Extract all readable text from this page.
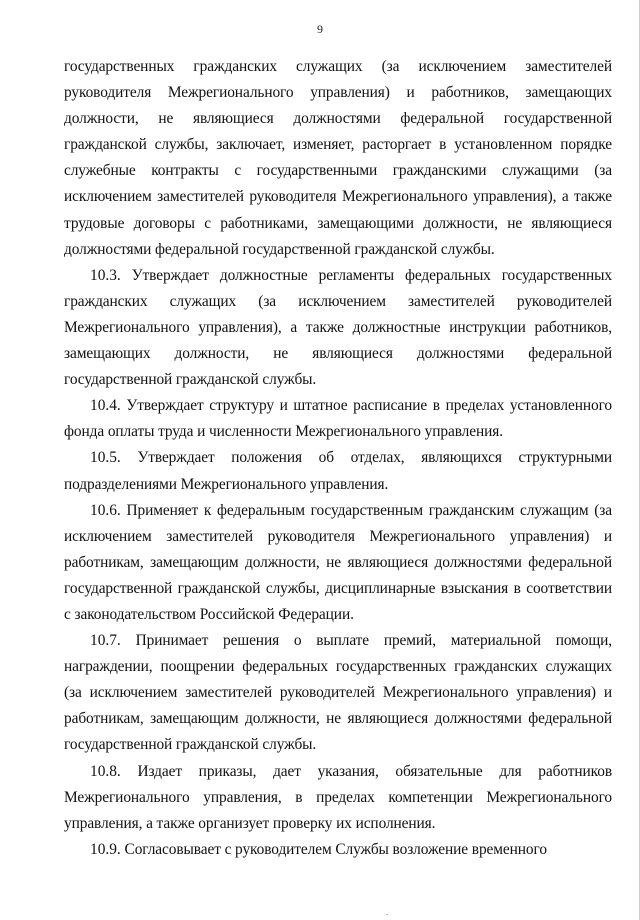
9

государственных гражданских служащих (за исключением заместителей руководителя Межрегионального управления) и работников, замещающих должности, не являющиеся должностями федеральной государственной гражданской службы, заключает, изменяет, расторгает в установленном порядке служебные контракты с государственными гражданскими служащими (за исключением заместителей руководителя Межрегионального управления), а также трудовые договоры с работниками, замещающими должности, не являющиеся должностями федеральной государственной гражданской службы.

10.3. Утверждает должностные регламенты федеральных государственных гражданских служащих (за исключением заместителей руководителей Межрегионального управления), а также должностные инструкции работников, замещающих должности, не являющиеся должностями федеральной государственной гражданской службы.

10.4. Утверждает структуру и штатное расписание в пределах установленного фонда оплаты труда и численности Межрегионального управления.

10.5. Утверждает положения об отделах, являющихся структурными подразделениями Межрегионального управления.

10.6. Применяет к федеральным государственным гражданским служащим (за исключением заместителей руководителя Межрегионального управления) и работникам, замещающим должности, не являющиеся должностями федеральной государственной гражданской службы, дисциплинарные взыскания в соответствии с законодательством Российской Федерации.

10.7. Принимает решения о выплате премий, материальной помощи, награждении, поощрении федеральных государственных гражданских служащих (за исключением заместителей руководителей Межрегионального управления) и работникам, замещающим должности, не являющиеся должностями федеральной государственной гражданской службы.

10.8. Издает приказы, дает указания, обязательные для работников Межрегионального управления, в пределах компетенции Межрегионального управления, а также организует проверку их исполнения.

10.9. Согласовывает с руководителем Службы возложение временного
